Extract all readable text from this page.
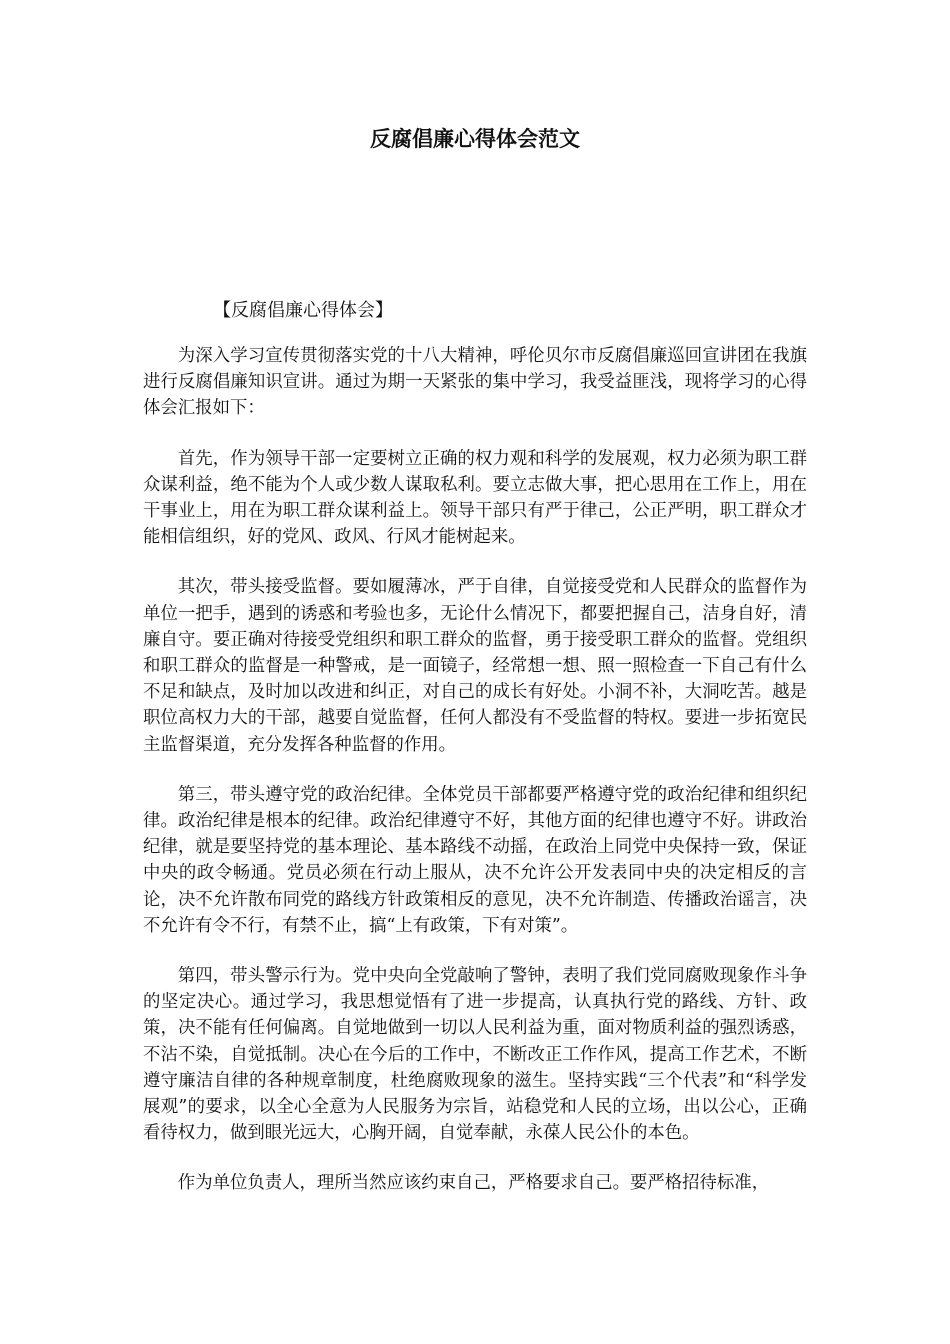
反腐倡廉心得体会范文

【反腐倡廉心得体会】

为深入学习宣传贯彻落实党的十八大精神，呼伦贝尔市反腐倡廉巡回宣讲团在我旗进行反腐倡廉知识宣讲。通过为期一天紧张的集中学习，我受益匪浅，现将学习的心得体会汇报如下：

首先，作为领导干部一定要树立正确的权力观和科学的发展观，权力必须为职工群众谋利益，绝不能为个人或少数人谋取私利。要立志做大事，把心思用在工作上，用在干事业上，用在为职工群众谋利益上。领导干部只有严于律己，公正严明，职工群众才能相信组织，好的党风、政风、行风才能树起来。

其次，带头接受监督。要如履薄冰，严于自律，自觉接受党和人民群众的监督作为单位一把手，遇到的诱惑和考验也多，无论什么情况下，都要把握自己，洁身自好，清廉自守。要正确对待接受党组织和职工群众的监督，勇于接受职工群众的监督。党组织和职工群众的监督是一种警戒，是一面镜子，经常想一想、照一照检查一下自己有什么不足和缺点，及时加以改进和纠正，对自己的成长有好处。小洞不补，大洞吃苦。越是职位高权力大的干部，越要自觉监督，任何人都没有不受监督的特权。要进一步拓宽民主监督渠道，充分发挥各种监督的作用。

第三，带头遵守党的政治纪律。全体党员干部都要严格遵守党的政治纪律和组织纪律。政治纪律是根本的纪律。政治纪律遵守不好，其他方面的纪律也遵守不好。讲政治纪律，就是要坚持党的基本理论、基本路线不动摇，在政治上同党中央保持一致，保证中央的政令畅通。党员必须在行动上服从，决不允许公开发表同中央的决定相反的言论，决不允许散布同党的路线方针政策相反的意见，决不允许制造、传播政治谣言，决不允许有令不行，有禁不止，搞“上有政策，下有对策”。

第四，带头警示行为。党中央向全党敲响了警钟，表明了我们党同腐败现象作斗争的坚定决心。通过学习，我思想觉悟有了进一步提高，认真执行党的路线、方针、政策，决不能有任何偏离。自觉地做到一切以人民利益为重，面对物质利益的强烈诱惑，不沾不染，自觉抵制。决心在今后的工作中，不断改正工作作风，提高工作艺术，不断遵守廉洁自律的各种规章制度，杜绝腐败现象的滋生。坚持实践“三个代表”和“科学发展观”的要求，以全心全意为人民服务为宗旨，站稳党和人民的立场，出以公心，正确看待权力，做到眼光远大，心胸开阔，自觉奉献，永葆人民公仆的本色。

作为单位负责人，理所当然应该约束自己，严格要求自己。要严格招待标准，
